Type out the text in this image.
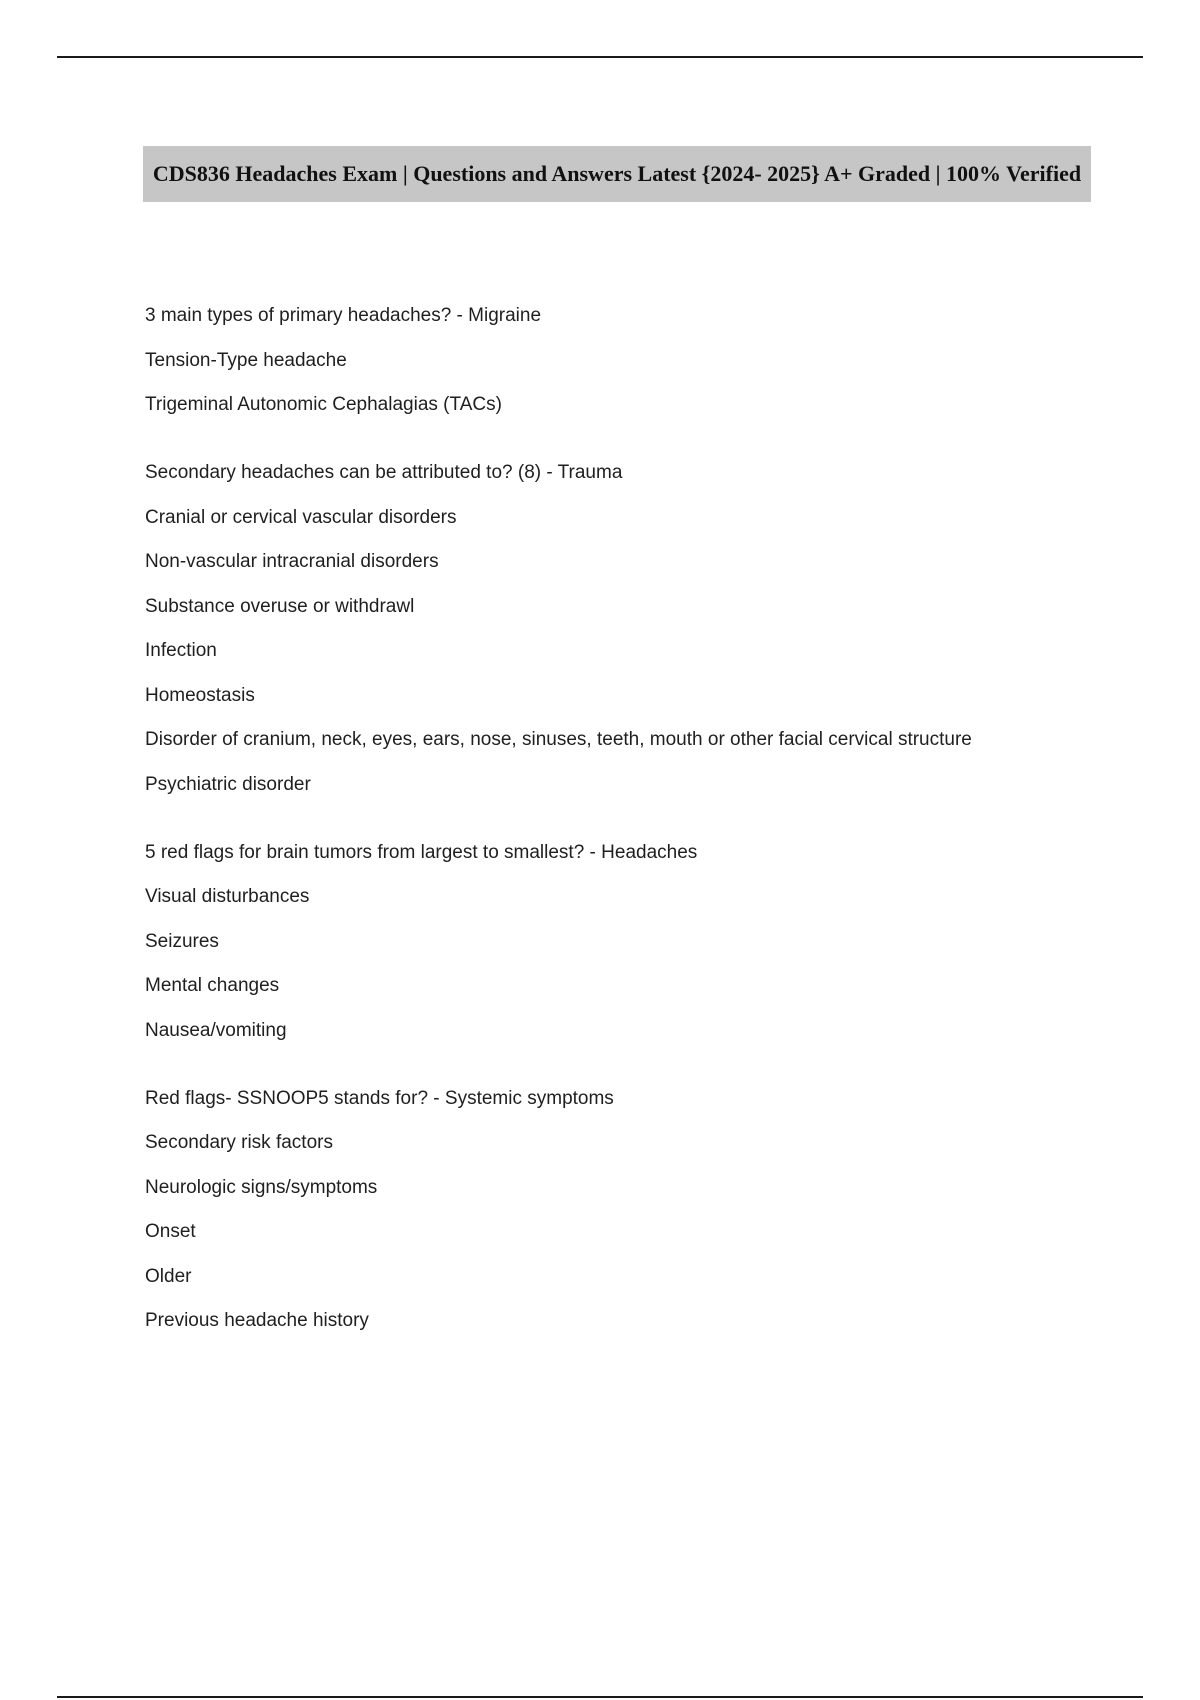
CDS836 Headaches Exam | Questions and Answers Latest {2024- 2025} A+ Graded | 100% Verified
3 main types of primary headaches? - Migraine
Tension-Type headache
Trigeminal Autonomic Cephalagias (TACs)
Secondary headaches can be attributed to? (8) - Trauma
Cranial or cervical vascular disorders
Non-vascular intracranial disorders
Substance overuse or withdrawl
Infection
Homeostasis
Disorder of cranium, neck, eyes, ears, nose, sinuses, teeth, mouth or other facial cervical structure
Psychiatric disorder
5 red flags for brain tumors from largest to smallest? - Headaches
Visual disturbances
Seizures
Mental changes
Nausea/vomiting
Red flags- SSNOOP5 stands for? - Systemic symptoms
Secondary risk factors
Neurologic signs/symptoms
Onset
Older
Previous headache history
